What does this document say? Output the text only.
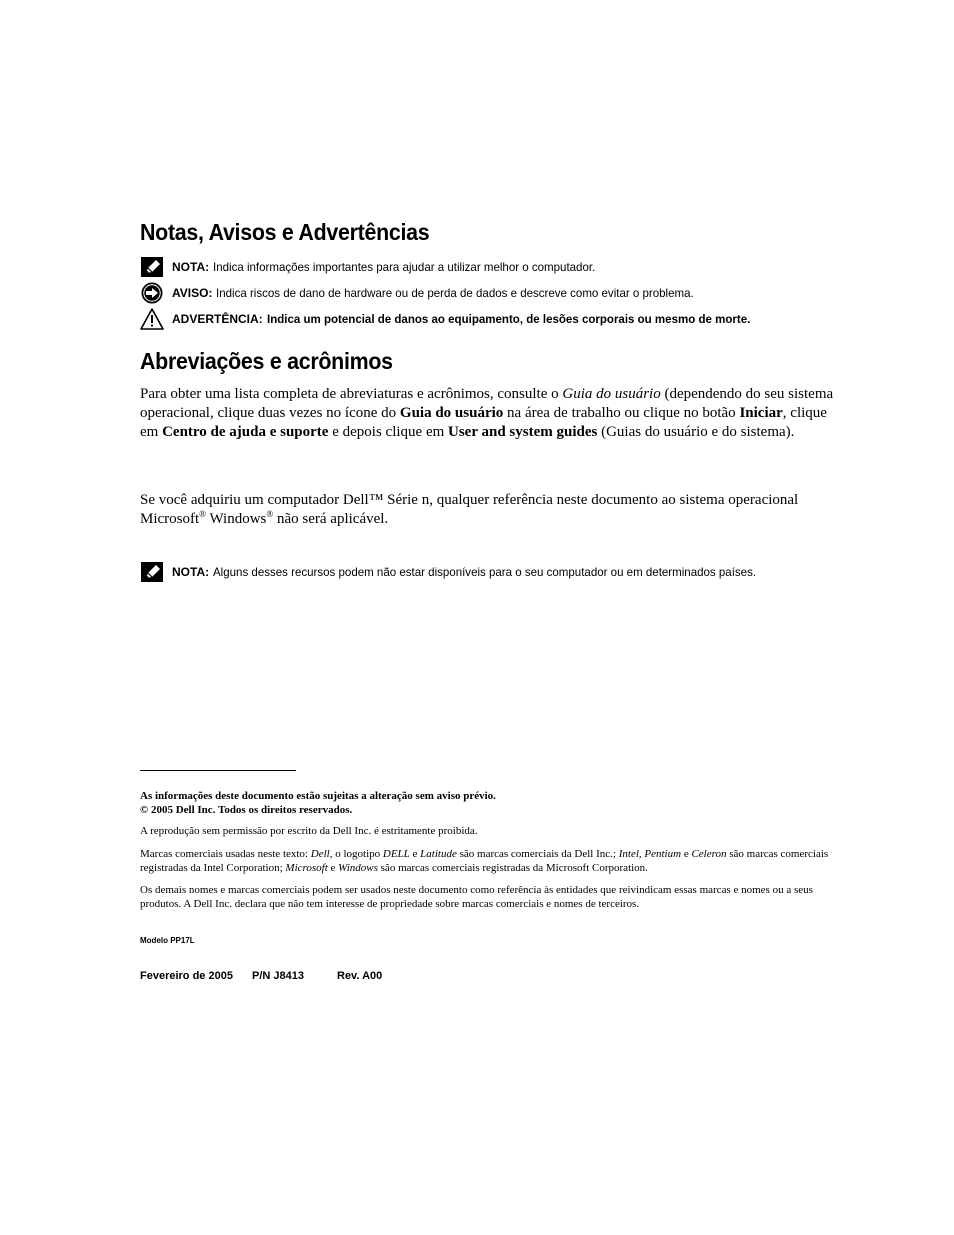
Notas, Avisos e Advertências
NOTA: Indica informações importantes para ajudar a utilizar melhor o computador.
AVISO: Indica riscos de dano de hardware ou de perda de dados e descreve como evitar o problema.
ADVERTÊNCIA: Indica um potencial de danos ao equipamento, de lesões corporais ou mesmo de morte.
Abreviações e acrônimos

Para obter uma lista completa de abreviaturas e acrônimos, consulte o Guia do usuário (dependendo do seu sistema operacional, clique duas vezes no ícone do Guia do usuário na área de trabalho ou clique no botão Iniciar, clique em Centro de ajuda e suporte e depois clique em User and system guides (Guias do usuário e do sistema).

Se você adquiriu um computador Dell™ Série n, qualquer referência neste documento ao sistema operacional Microsoft® Windows® não será aplicável.

NOTA: Alguns desses recursos podem não estar disponíveis para o seu computador ou em determinados países.

As informações deste documento estão sujeitas a alteração sem aviso prévio.
© 2005 Dell Inc. Todos os direitos reservados.

A reprodução sem permissão por escrito da Dell Inc. é estritamente proibida.

Marcas comerciais usadas neste texto: Dell, o logotipo DELL e Latitude são marcas comerciais da Dell Inc.; Intel, Pentium e Celeron são marcas comerciais registradas da Intel Corporation; Microsoft e Windows são marcas comerciais registradas da Microsoft Corporation.

Os demais nomes e marcas comerciais podem ser usados neste documento como referência às entidades que reivindicam essas marcas e nomes ou a seus produtos. A Dell Inc. declara que não tem interesse de propriedade sobre marcas comerciais e nomes de terceiros.

Modelo PP17L
Fevereiro de 2005 P/N J8413	Rev. A00
